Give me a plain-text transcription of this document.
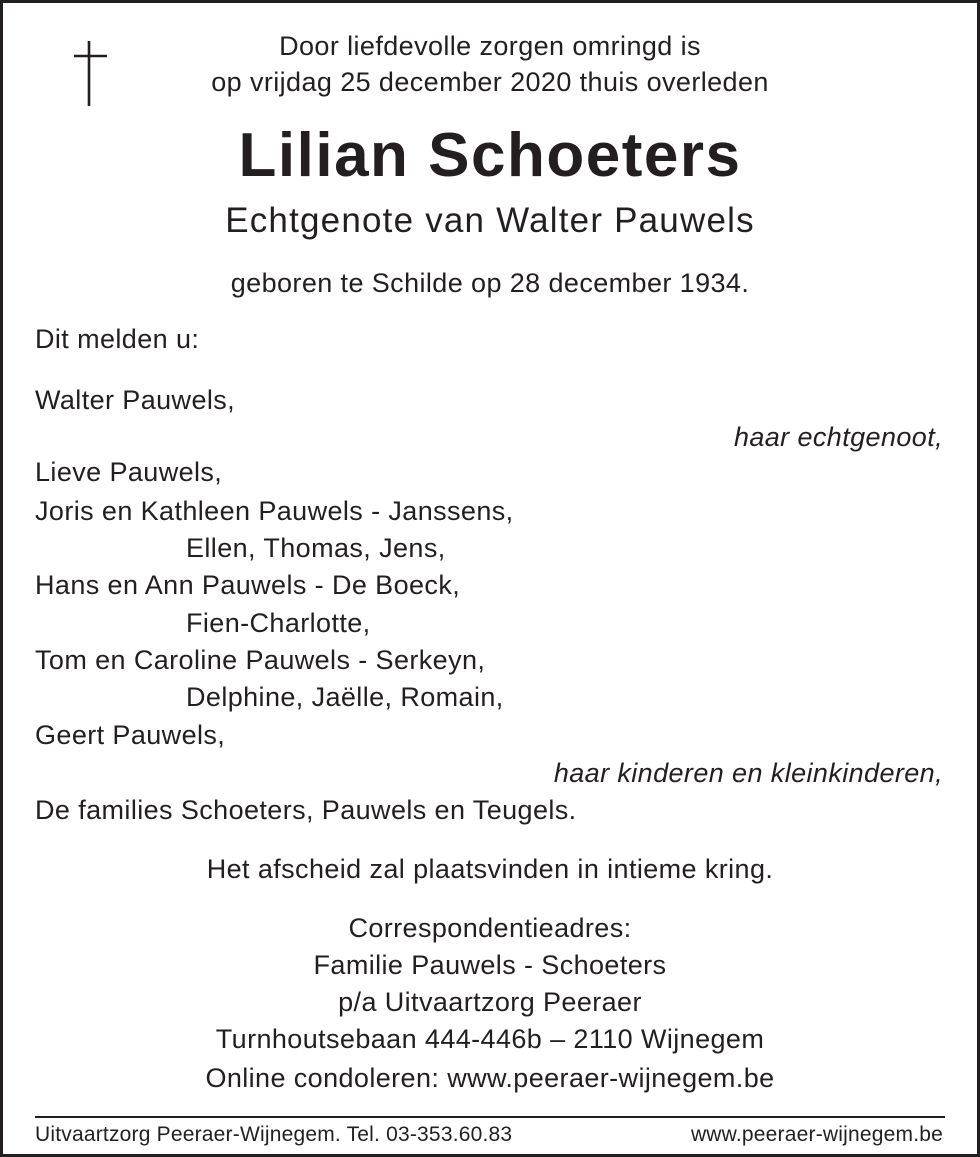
Door liefdevolle zorgen omringd is
op vrijdag 25 december 2020 thuis overleden
Lilian Schoeters
Echtgenote van Walter Pauwels
geboren te Schilde op 28 december 1934.
Dit melden u:
Walter Pauwels,
haar echtgenoot,
Lieve Pauwels,
Joris en Kathleen Pauwels - Janssens,
Ellen, Thomas, Jens,
Hans en Ann Pauwels - De Boeck,
Fien-Charlotte,
Tom en Caroline Pauwels - Serkeyn,
Delphine, Jaëlle, Romain,
Geert Pauwels,
haar kinderen en kleinkinderen,
De families Schoeters, Pauwels en Teugels.
Het afscheid zal plaatsvinden in intieme kring.
Correspondentieadres:
Familie Pauwels - Schoeters
p/a Uitvaartzorg Peeraer
Turnhoutsebaan 444-446b – 2110 Wijnegem
Online condoleren: www.peeraer-wijnegem.be
Uitvaartzorg Peeraer-Wijnegem. Tel. 03-353.60.83	www.peeraer-wijnegem.be
